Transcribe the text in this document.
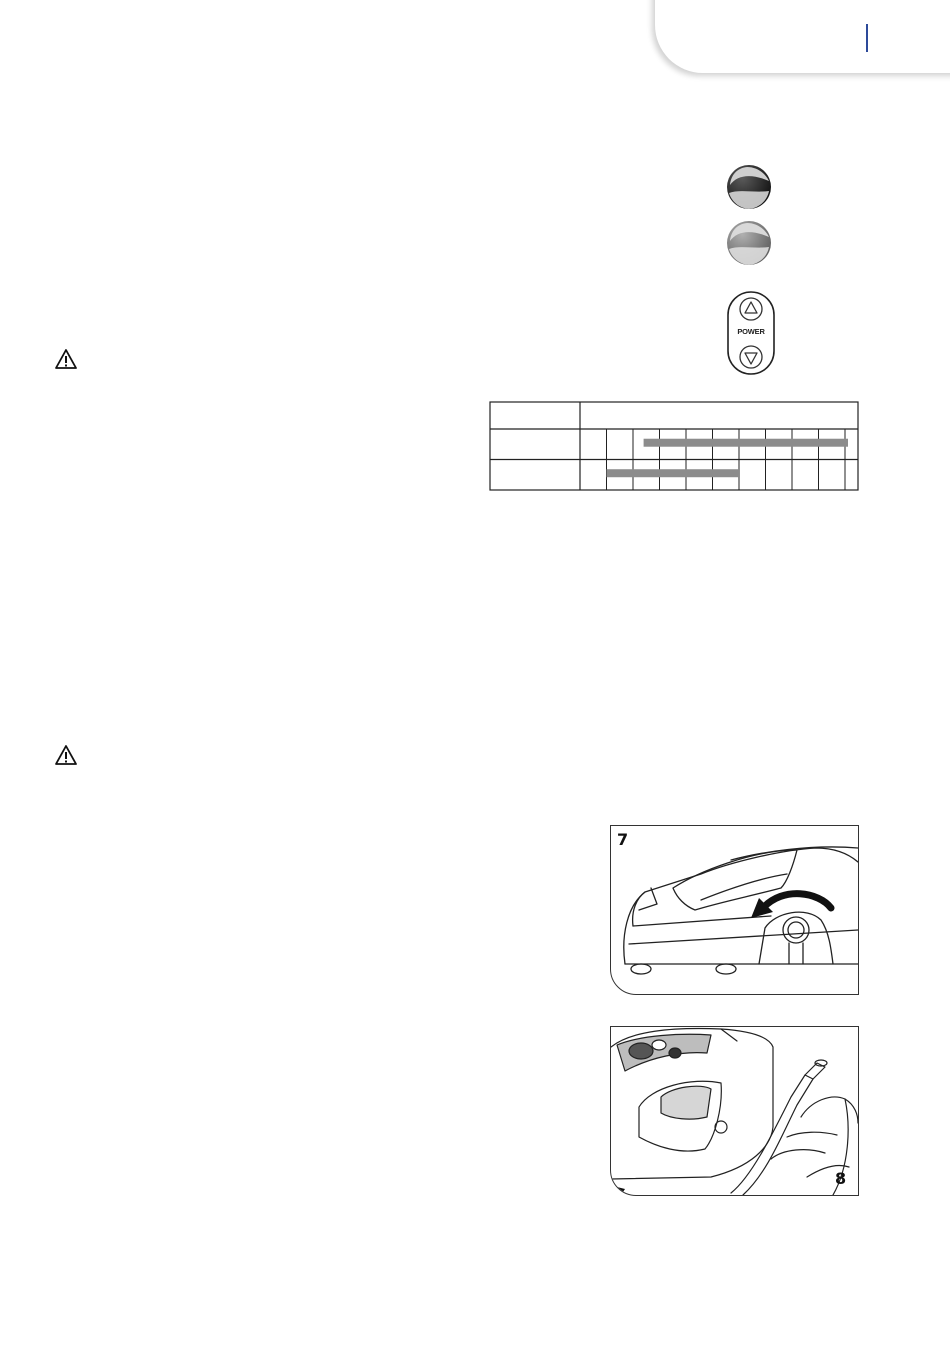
POWER
7
8
